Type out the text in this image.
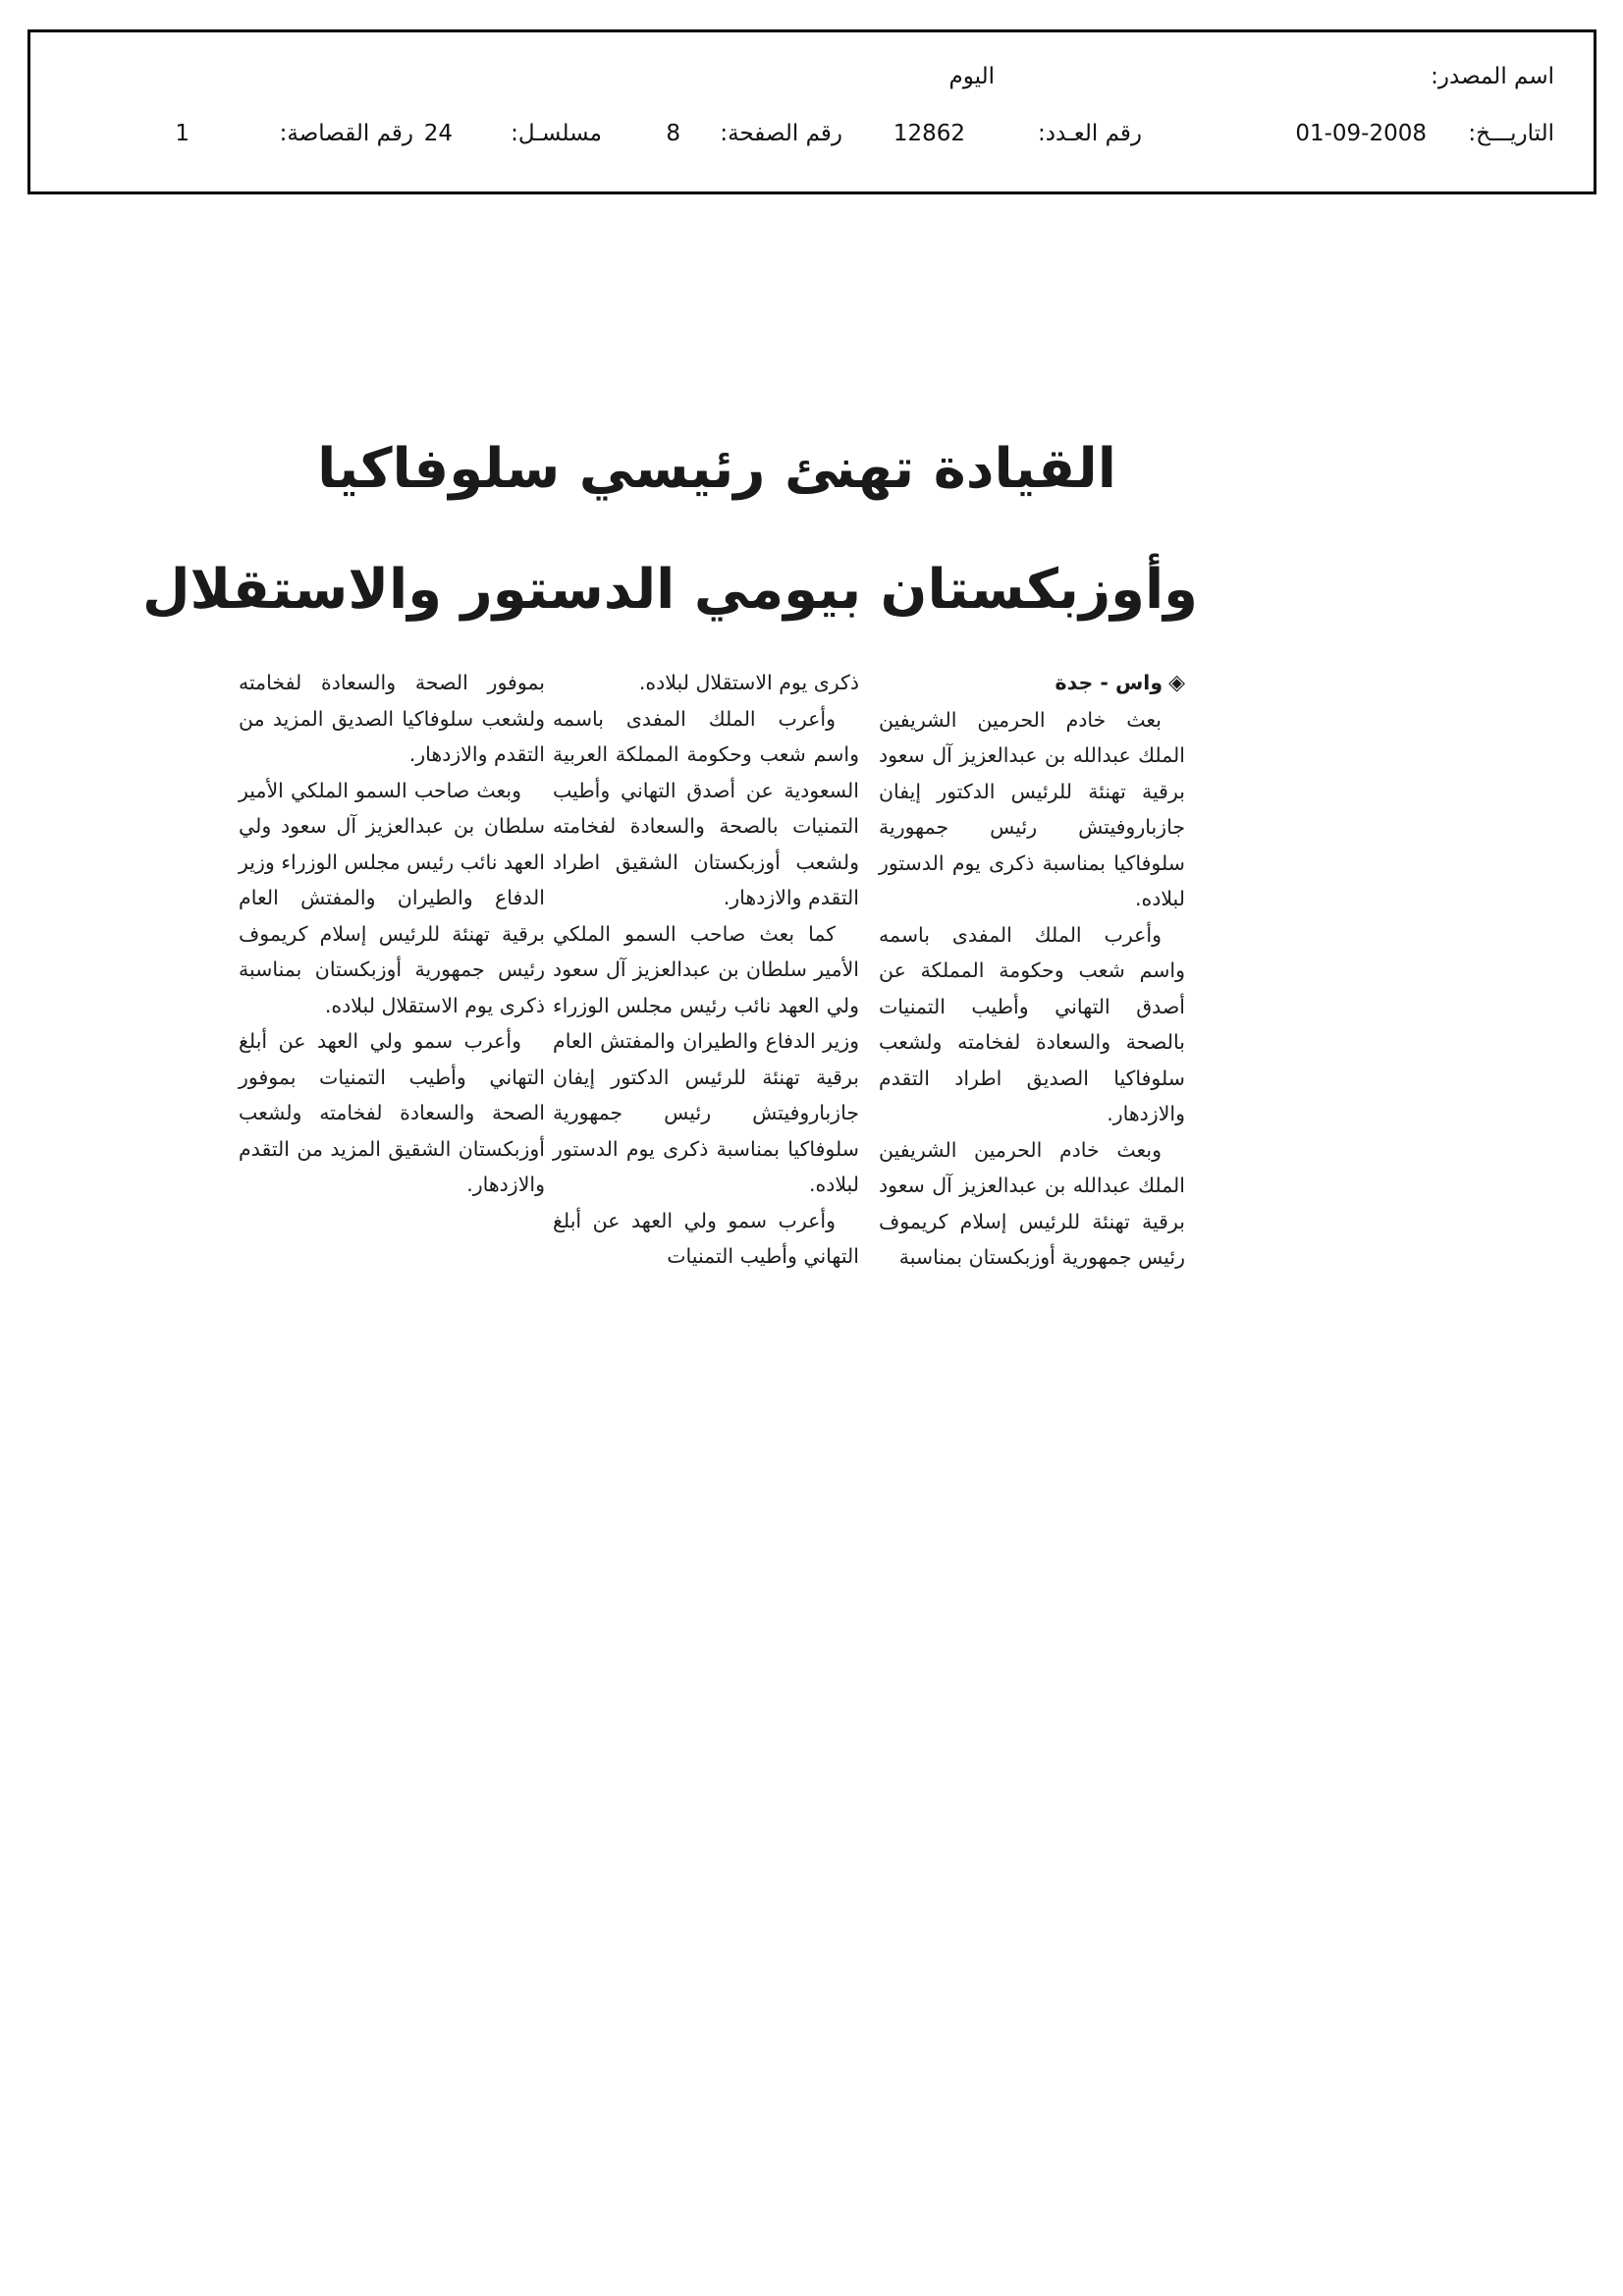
اسم المصدر:
اليوم
التاريـــخ:
01-09-2008
رقم العـدد:
12862
رقم الصفحة:
8
مسلسـل:
24
رقم القصاصة:
1
القيادة تهنئ رئيسي سلوفاكيا
وأوزبكستان بيومي الدستور والاستقلال

◈واس - جدة

بعث خادم الحرمين الشريفين الملك عبدالله بن عبدالعزيز آل سعود برقية تهنئة للرئيس الدكتور إيفان جازباروفيتش رئيس جمهورية سلوفاكيا بمناسبة ذكرى يوم الدستور لبلاده.

وأعرب الملك المفدى باسمه واسم شعب وحكومة المملكة عن أصدق التهاني وأطيب التمنيات بالصحة والسعادة لفخامته ولشعب سلوفاكيا الصديق اطراد التقدم والازدهار.

وبعث خادم الحرمين الشريفين الملك عبدالله بن عبدالعزيز آل سعود برقية تهنئة للرئيس إسلام كريموف رئيس جمهورية أوزبكستان بمناسبة

ذكرى يوم الاستقلال لبلاده.

وأعرب الملك المفدى باسمه واسم شعب وحكومة المملكة العربية السعودية عن أصدق التهاني وأطيب التمنيات بالصحة والسعادة لفخامته ولشعب أوزبكستان الشقيق اطراد التقدم والازدهار.

كما بعث صاحب السمو الملكي الأمير سلطان بن عبدالعزيز آل سعود ولي العهد نائب رئيس مجلس الوزراء وزير الدفاع والطيران والمفتش العام برقية تهنئة للرئيس الدكتور إيفان جازباروفيتش رئيس جمهورية سلوفاكيا بمناسبة ذكرى يوم الدستور لبلاده.

وأعرب سمو ولي العهد عن أبلغ التهاني وأطيب التمنيات

بموفور الصحة والسعادة لفخامته ولشعب سلوفاكيا الصديق المزيد من التقدم والازدهار.

وبعث صاحب السمو الملكي الأمير سلطان بن عبدالعزيز آل سعود ولي العهد نائب رئيس مجلس الوزراء وزير الدفاع والطيران والمفتش العام برقية تهنئة للرئيس إسلام كريموف رئيس جمهورية أوزبكستان بمناسبة ذكرى يوم الاستقلال لبلاده.

وأعرب سمو ولي العهد عن أبلغ التهاني وأطيب التمنيات بموفور الصحة والسعادة لفخامته ولشعب أوزبكستان الشقيق المزيد من التقدم والازدهار.
